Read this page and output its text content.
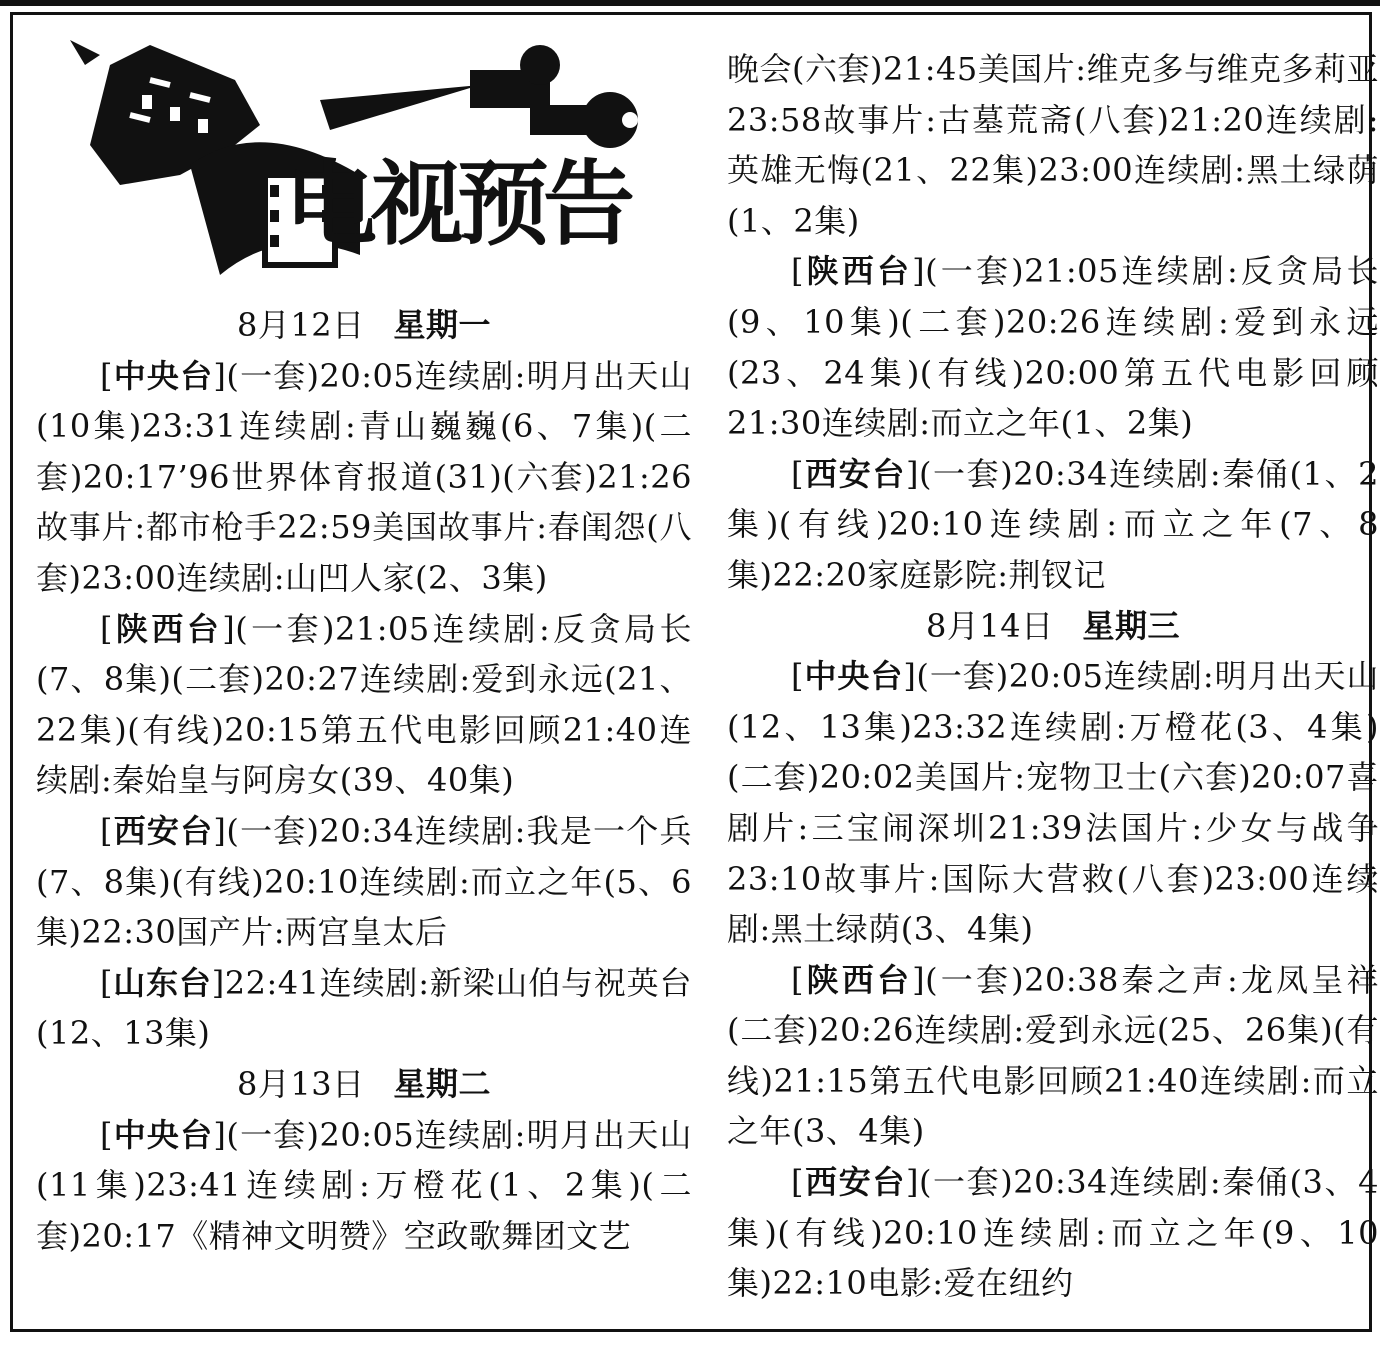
电视预告

8月12日 星期一

[中央台](一套)20:05连续剧:明月出天山(10集)23:31连续剧:青山巍巍(6、7集)(二套)20:17’96世界体育报道(31)(六套)21:26故事片:都市枪手22:59美国故事片:春闺怨(八套)23:00连续剧:山凹人家(2、3集)

[陕西台](一套)21:05连续剧:反贪局长(7、8集)(二套)20:27连续剧:爱到永远(21、22集)(有线)20:15第五代电影回顾21:40连续剧:秦始皇与阿房女(39、40集)

[西安台](一套)20:34连续剧:我是一个兵(7、8集)(有线)20:10连续剧:而立之年(5、6集)22:30国产片:两宫皇太后

[山东台]22:41连续剧:新梁山伯与祝英台(12、13集)

8月13日 星期二

[中央台](一套)20:05连续剧:明月出天山(11集)23:41连续剧:万橙花(1、2集)(二套)20:17《精神文明赞》空政歌舞团文艺

晚会(六套)21:45美国片:维克多与维克多莉亚23:58故事片:古墓荒斋(八套)21:20连续剧:英雄无悔(21、22集)23:00连续剧:黑土绿荫(1、2集)

[陕西台](一套)21:05连续剧:反贪局长(9、10集)(二套)20:26连续剧:爱到永远(23、24集)(有线)20:00第五代电影回顾21:30连续剧:而立之年(1、2集)

[西安台](一套)20:34连续剧:秦俑(1、2集)(有线)20:10连续剧:而立之年(7、8集)22:20家庭影院:荆钗记

8月14日 星期三

[中央台](一套)20:05连续剧:明月出天山(12、13集)23:32连续剧:万橙花(3、4集)(二套)20:02美国片:宠物卫士(六套)20:07喜剧片:三宝闹深圳21:39法国片:少女与战争23:10故事片:国际大营救(八套)23:00连续剧:黑土绿荫(3、4集)

[陕西台](一套)20:38秦之声:龙凤呈祥(二套)20:26连续剧:爱到永远(25、26集)(有线)21:15第五代电影回顾21:40连续剧:而立之年(3、4集)

[西安台](一套)20:34连续剧:秦俑(3、4集)(有线)20:10连续剧:而立之年(9、10集)22:10电影:爱在纽约
